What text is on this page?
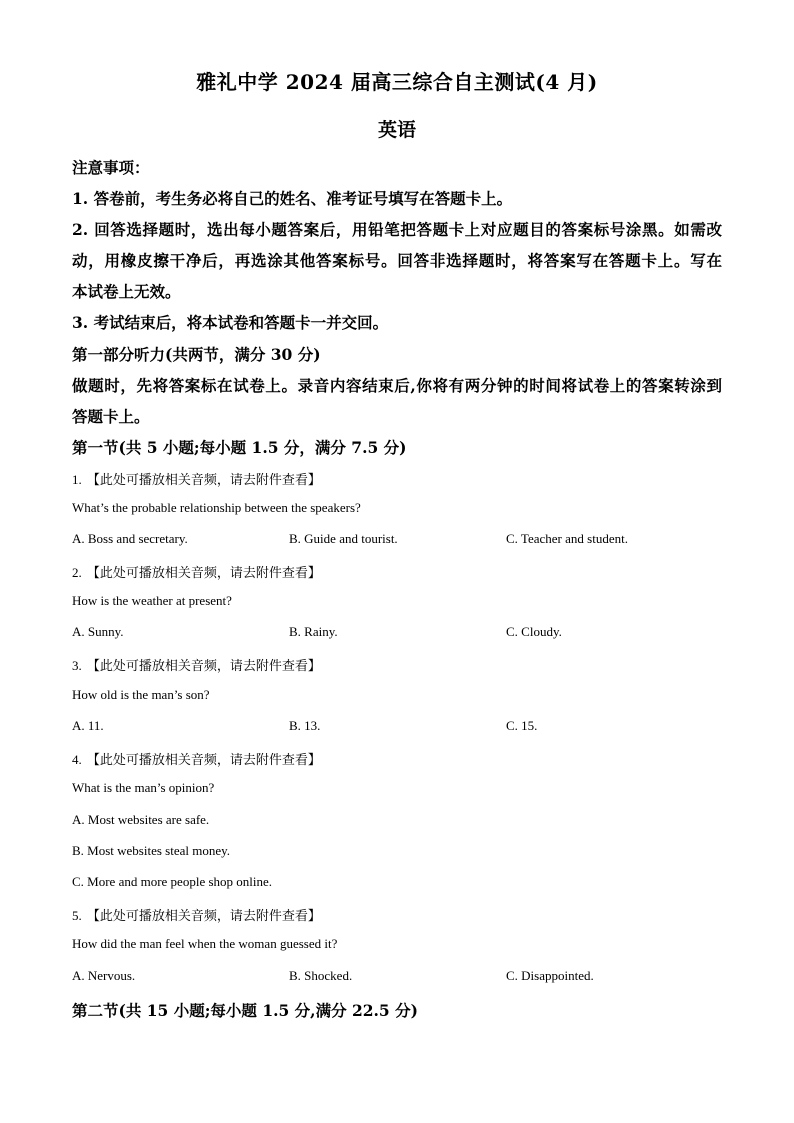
雅礼中学 2024 届高三综合自主测试(4 月)
英语
注意事项：
1. 答卷前，考生务必将自己的姓名、准考证号填写在答题卡上。
2. 回答选择题时，选出每小题答案后，用铅笔把答题卡上对应题目的答案标号涂黑。如需改
动，用橡皮擦干净后，再选涂其他答案标号。回答非选择题时，将答案写在答题卡上。写在
本试卷上无效。
3. 考试结束后，将本试卷和答题卡一并交回。
第一部分听力(共两节，满分 30 分)
做题时，先将答案标在试卷上。录音内容结束后,你将有两分钟的时间将试卷上的答案转涂到
答题卡上。
第一节(共 5 小题;每小题 1.5 分，满分 7.5 分)
1. 【此处可播放相关音频，请去附件查看】
What’s the probable relationship between the speakers?
A. Boss and secretary.	B. Guide and tourist.	C. Teacher and student.
2. 【此处可播放相关音频，请去附件查看】
How is the weather at present?
A. Sunny.	B. Rainy.	C. Cloudy.
3. 【此处可播放相关音频，请去附件查看】
How old is the man’s son?
A. 11.	B. 13.	C. 15.
4. 【此处可播放相关音频，请去附件查看】
What is the man’s opinion?
A. Most websites are safe.
B. Most websites steal money.
C. More and more people shop online.
5. 【此处可播放相关音频，请去附件查看】
How did the man feel when the woman guessed it?
A. Nervous.	B. Shocked.	C. Disappointed.
第二节(共 15 小题;每小题 1.5 分,满分 22.5 分)
